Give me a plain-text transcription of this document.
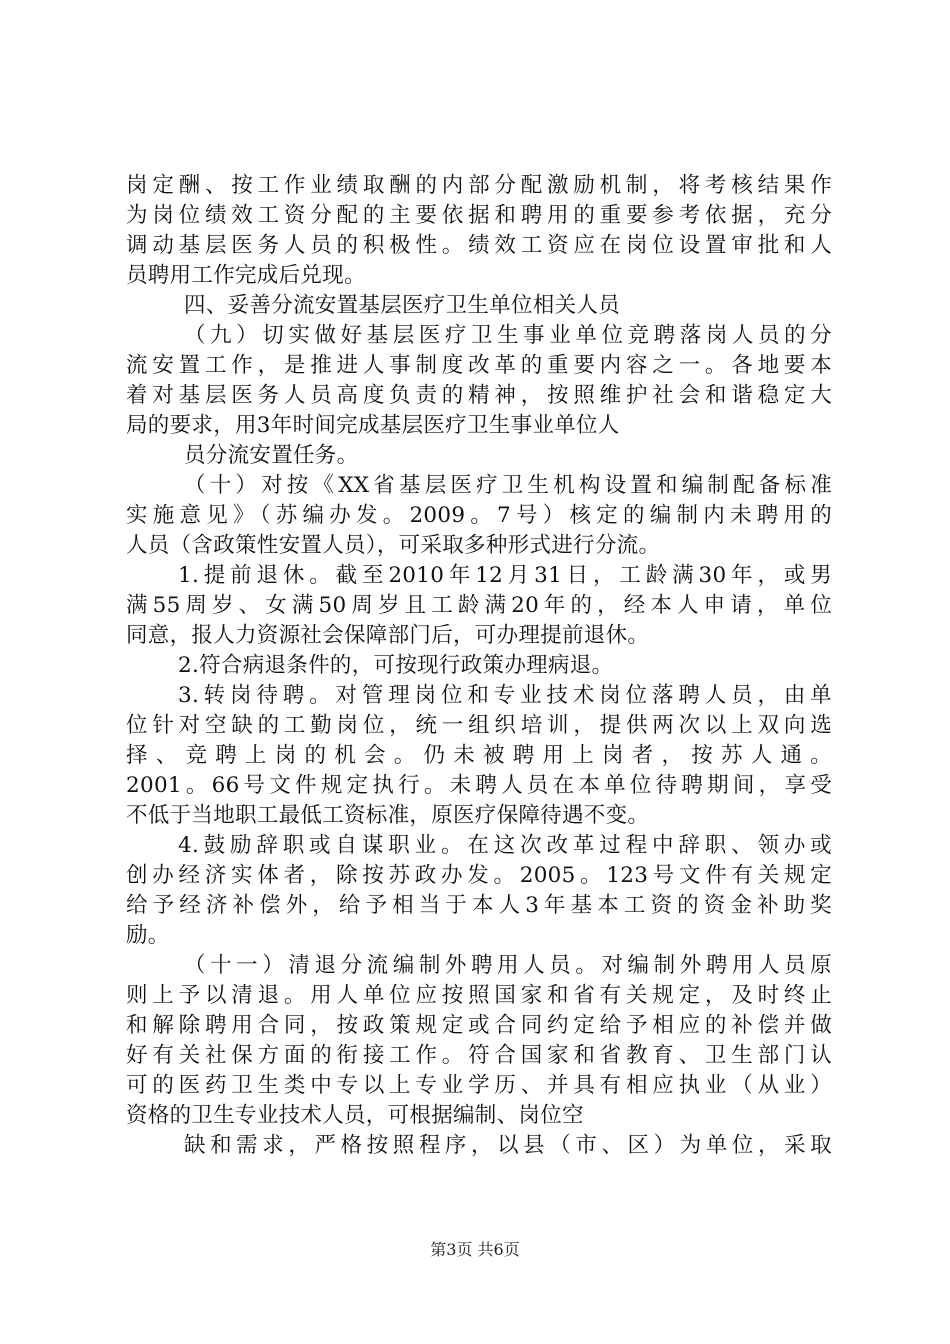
岗定酬、按工作业绩取酬的内部分配激励机制，将考核结果作
为岗位绩效工资分配的主要依据和聘用的重要参考依据，充分
调动基层医务人员的积极性。绩效工资应在岗位设置审批和人
员聘用工作完成后兑现。
四、妥善分流安置基层医疗卫生单位相关人员
（九）切实做好基层医疗卫生事业单位竞聘落岗人员的分
流安置工作，是推进人事制度改革的重要内容之一。各地要本
着对基层医务人员高度负责的精神，按照维护社会和谐稳定大
局的要求，用3年时间完成基层医疗卫生事业单位人
员分流安置任务。
（十）对按《XX省基层医疗卫生机构设置和编制配备标准
实施意见》（苏编办发。2009。7号）核定的编制内未聘用的
人员（含政策性安置人员），可采取多种形式进行分流。
1.提前退休。截至2010年12月31日，工龄满30年，或男
满55周岁、女满50周岁且工龄满20年的，经本人申请，单位
同意，报人力资源社会保障部门后，可办理提前退休。
2.符合病退条件的，可按现行政策办理病退。
3.转岗待聘。对管理岗位和专业技术岗位落聘人员，由单
位针对空缺的工勤岗位，统一组织培训，提供两次以上双向选
择、竞聘上岗的机会。仍未被聘用上岗者，按苏人通。
2001。66号文件规定执行。未聘人员在本单位待聘期间，享受
不低于当地职工最低工资标准，原医疗保障待遇不变。
4.鼓励辞职或自谋职业。在这次改革过程中辞职、领办或
创办经济实体者，除按苏政办发。2005。123号文件有关规定
给予经济补偿外，给予相当于本人3年基本工资的资金补助奖
励。
（十一）清退分流编制外聘用人员。对编制外聘用人员原
则上予以清退。用人单位应按照国家和省有关规定，及时终止
和解除聘用合同，按政策规定或合同约定给予相应的补偿并做
好有关社保方面的衔接工作。符合国家和省教育、卫生部门认
可的医药卫生类中专以上专业学历、并具有相应执业（从业）
资格的卫生专业技术人员，可根据编制、岗位空
缺和需求，严格按照程序，以县（市、区）为单位，采取
第3页 共6页
